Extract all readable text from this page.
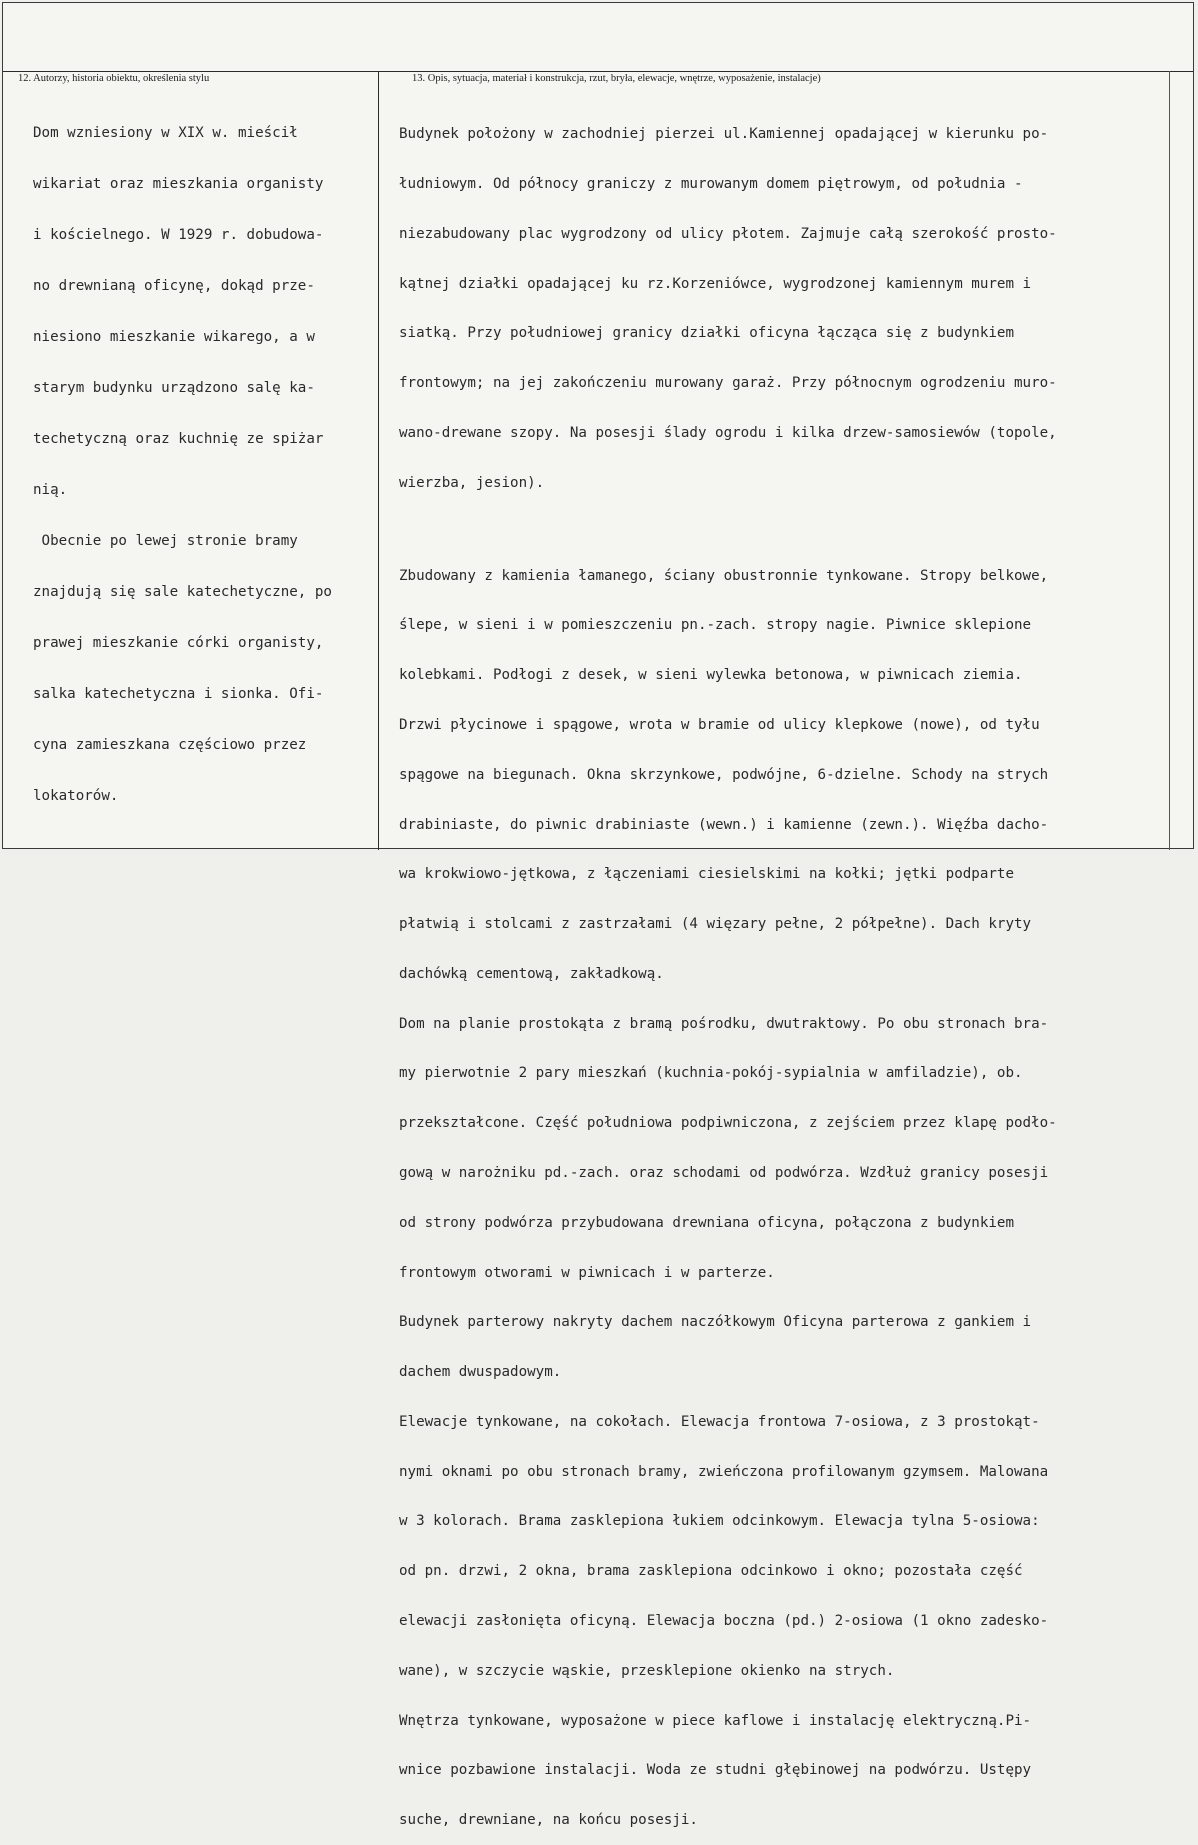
12. Autorzy, historia obiektu, określenia stylu	13. Opis, sytuacja, materiał i konstrukcja, rzut, bryła, elewacje, wnętrze, wyposażenie, instalacje)

Dom wzniesiony w XIX w. mieścił

wikariat oraz mieszkania organisty

i kościelnego. W 1929 r. dobudowa-

no drewnianą oficynę, dokąd prze-

niesiono mieszkanie wikarego, a w

starym budynku urządzono salę ka-

techetyczną oraz kuchnię ze spiżar

nią.

Obecnie po lewej stronie bramy

znajdują się sale katechetyczne, po

prawej mieszkanie córki organisty,

salka katechetyczna i sionka. Ofi-

cyna zamieszkana częściowo przez

lokatorów.

Budynek położony w zachodniej pierzei ul.Kamiennej opadającej w kierunku po-

łudniowym. Od północy graniczy z murowanym domem piętrowym, od południa -

niezabudowany plac wygrodzony od ulicy płotem. Zajmuje całą szerokość prosto-

kątnej działki opadającej ku rz.Korzeniówce, wygrodzonej kamiennym murem i

siatką. Przy południowej granicy działki oficyna łącząca się z budynkiem

frontowym; na jej zakończeniu murowany garaż. Przy północnym ogrodzeniu muro-

wano-drewane szopy. Na posesji ślady ogrodu i kilka drzew-samosiewów (topole,

wierzba, jesion).

Zbudowany z kamienia łamanego, ściany obustronnie tynkowane. Stropy belkowe,

ślepe, w sieni i w pomieszczeniu pn.-zach. stropy nagie. Piwnice sklepione

kolebkami. Podłogi z desek, w sieni wylewka betonowa, w piwnicach ziemia.

Drzwi płycinowe i spągowe, wrota w bramie od ulicy klepkowe (nowe), od tyłu

spągowe na biegunach. Okna skrzynkowe, podwójne, 6-dzielne. Schody na strych

drabiniaste, do piwnic drabiniaste (wewn.) i kamienne (zewn.). Więźba dacho-

wa krokwiowo-jętkowa, z łączeniami ciesielskimi na kołki; jętki podparte

płatwią i stolcami z zastrzałami (4 więzary pełne, 2 półpełne). Dach kryty

dachówką cementową, zakładkową.

Dom na planie prostokąta z bramą pośrodku, dwutraktowy. Po obu stronach bra-

my pierwotnie 2 pary mieszkań (kuchnia-pokój-sypialnia w amfiladzie), ob.

przekształcone. Część południowa podpiwniczona, z zejściem przez klapę podło-

gową w narożniku pd.-zach. oraz schodami od podwórza. Wzdłuż granicy posesji

od strony podwórza przybudowana drewniana oficyna, połączona z budynkiem

frontowym otworami w piwnicach i w parterze.

Budynek parterowy nakryty dachem naczółkowym Oficyna parterowa z gankiem i

dachem dwuspadowym.

Elewacje tynkowane, na cokołach. Elewacja frontowa 7-osiowa, z 3 prostokąt-

nymi oknami po obu stronach bramy, zwieńczona profilowanym gzymsem. Malowana

w 3 kolorach. Brama zasklepiona łukiem odcinkowym. Elewacja tylna 5-osiowa:

od pn. drzwi, 2 okna, brama zasklepiona odcinkowo i okno; pozostała część

elewacji zasłonięta oficyną. Elewacja boczna (pd.) 2-osiowa (1 okno zadesko-

wane), w szczycie wąskie, przesklepione okienko na strych.

Wnętrza tynkowane, wyposażone w piece kaflowe i instalację elektryczną.Pi-

wnice pozbawione instalacji. Woda ze studni głębinowej na podwórzu. Ustępy

suche, drewniane, na końcu posesji.
